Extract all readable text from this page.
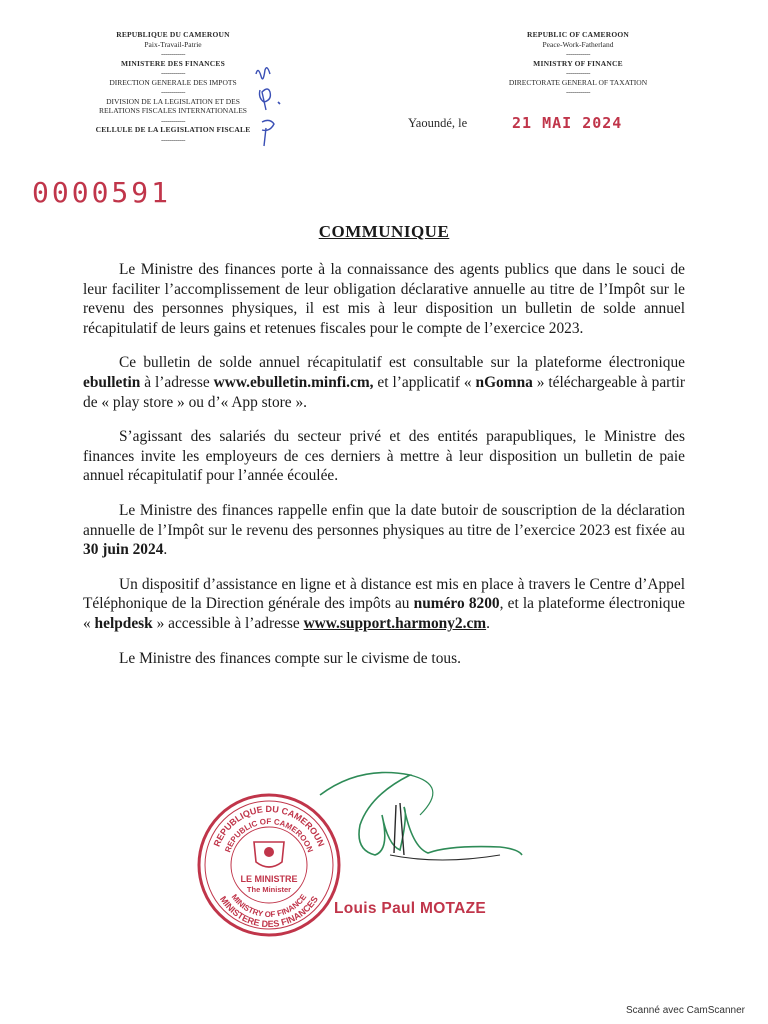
REPUBLIQUE DU CAMEROUN
Paix-Travail-Patrie
------------
MINISTERE DES FINANCES
------------
DIRECTION GENERALE DES IMPOTS
------------
DIVISION DE LA LEGISLATION ET DES
RELATIONS FISCALES INTERNATIONALES
------------
CELLULE DE LA LEGISLATION FISCALE
------------
REPUBLIC OF CAMEROON
Peace-Work-Fatherland
------------
MINISTRY OF FINANCE
------------
DIRECTORATE GENERAL OF TAXATION
------------
Yaoundé, le	21 MAI 2024
0000591
COMMUNIQUE

Le Ministre des finances porte à la connaissance des agents publics que dans le souci de leur faciliter l’accomplissement de leur obligation déclarative annuelle au titre de l’Impôt sur le revenu des personnes physiques, il est mis à leur disposition un bulletin de solde annuel récapitulatif de leurs gains et retenues fiscales pour le compte de l’exercice 2023.

Ce bulletin de solde annuel récapitulatif est consultable sur la plateforme électronique ebulletin à l’adresse www.ebulletin.minfi.cm, et l’applicatif « nGomna » téléchargeable à partir de « play store » ou d’« App store ».

S’agissant des salariés du secteur privé et des entités parapubliques, le Ministre des finances invite les employeurs de ces derniers à mettre à leur disposition un bulletin de paie annuel récapitulatif pour l’année écoulée.

Le Ministre des finances rappelle enfin que la date butoir de souscription de la déclaration annuelle de l’Impôt sur le revenu des personnes physiques au titre de l’exercice 2023 est fixée au 30 juin 2024.

Un dispositif d’assistance en ligne et à distance est mis en place à travers le Centre d’Appel Téléphonique de la Direction générale des impôts au numéro 8200, et la plateforme électronique « helpdesk » accessible à l’adresse www.support.harmony2.cm.

Le Ministre des finances compte sur le civisme de tous.

REPUBLIQUE DU CAMEROUN
REPUBLIC OF CAMEROON
MINISTERE DES FINANCES
MINISTRY OF FINANCE
LE MINISTRE
The Minister
Louis Paul MOTAZE
Scanné avec CamScanner
